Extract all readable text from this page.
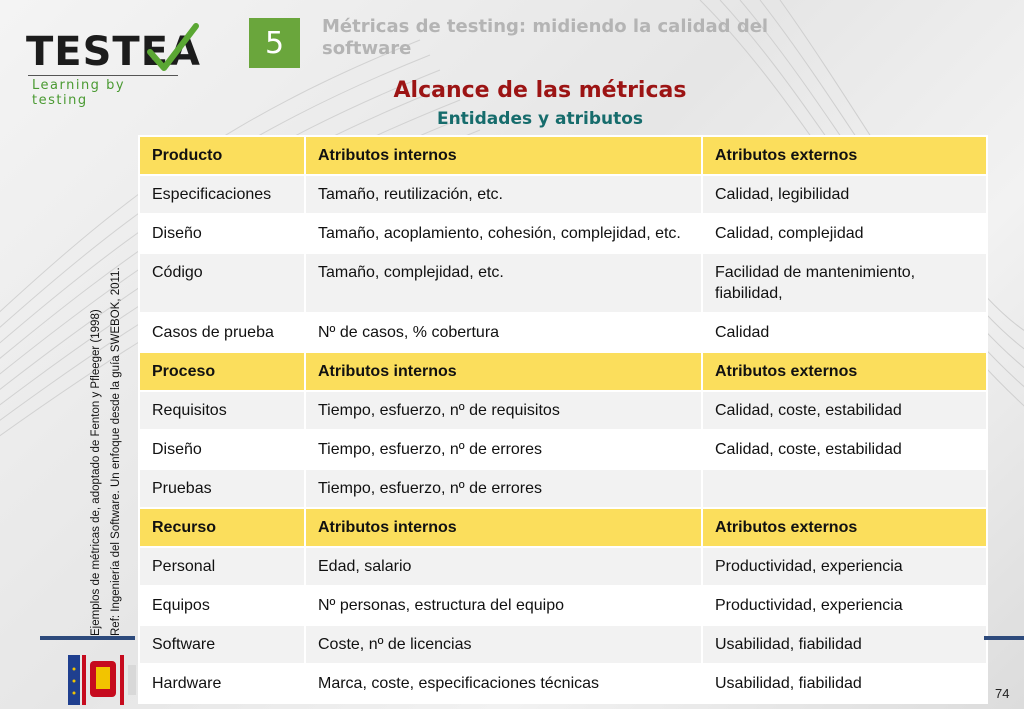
TESTEA
Learning by testing
5	Métricas de testing: midiendo la calidad del software
Alcance de las métricas
Entidades y atributos
Ejemplos de métricas de, adoptado de Fenton y Pfleeger (1998) Ref: Ingeniería del Software. Un enfoque desde la guía SWEBOK, 2011.
Producto	Atributos internos	Atributos externos
Especificaciones	Tamaño, reutilización, etc.	Calidad, legibilidad
Diseño	Tamaño, acoplamiento, cohesión, complejidad, etc.	Calidad, complejidad
Código	Tamaño, complejidad, etc.	Facilidad de mantenimiento, fiabilidad,
Casos de prueba	Nº de casos, % cobertura	Calidad
Proceso	Atributos internos	Atributos externos
Requisitos	Tiempo, esfuerzo, nº de requisitos	Calidad, coste, estabilidad
Diseño	Tiempo, esfuerzo, nº de errores	Calidad, coste, estabilidad
Pruebas	Tiempo, esfuerzo, nº de errores	
Recurso	Atributos internos	Atributos externos
Personal	Edad, salario	Productividad, experiencia
Equipos	Nº personas, estructura del equipo	Productividad, experiencia
Software	Coste, nº de licencias	Usabilidad, fiabilidad
Hardware	Marca, coste, especificaciones técnicas	Usabilidad, fiabilidad
74
